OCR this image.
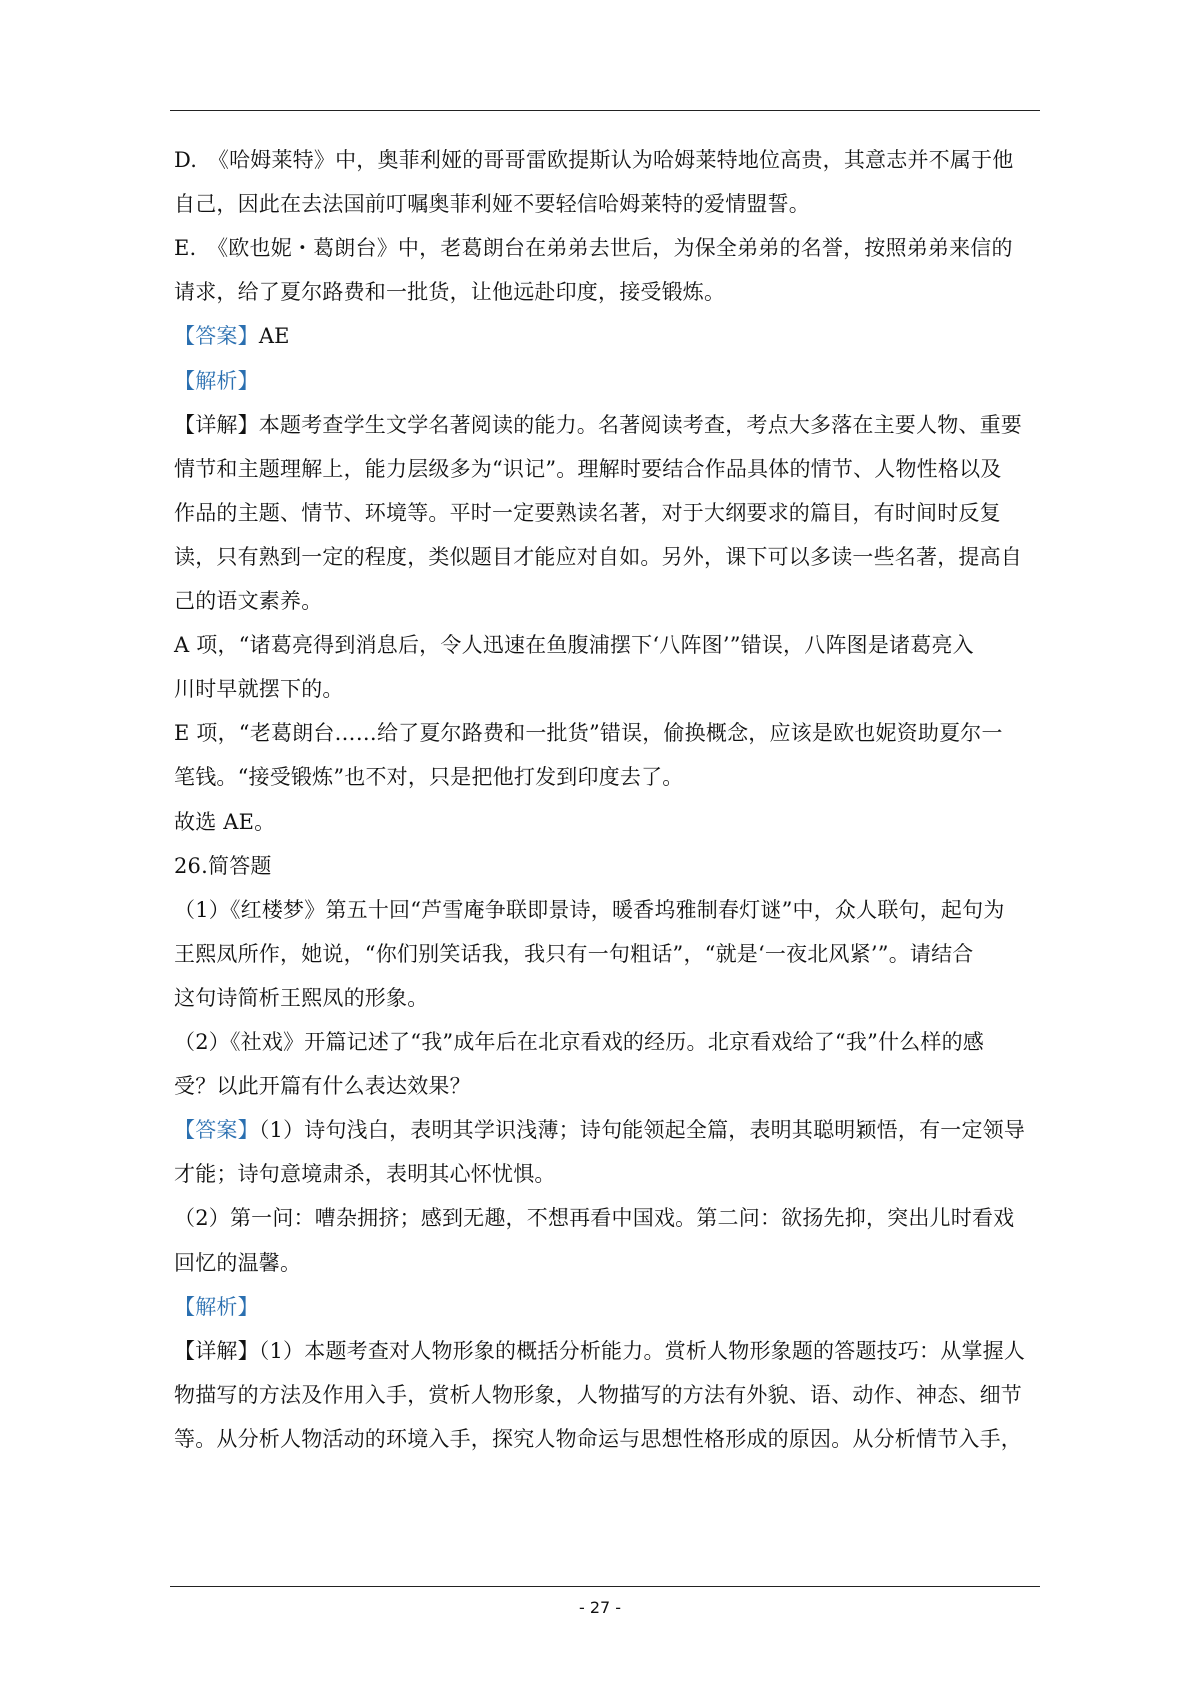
D.　《哈姆莱特》中，奥菲利娅的哥哥雷欧提斯认为哈姆莱特地位高贵，其意志并不属于他
自己，因此在去法国前叮嘱奥菲利娅不要轻信哈姆莱特的爱情盟誓。
E.　《欧也妮・葛朗台》中，老葛朗台在弟弟去世后，为保全弟弟的名誉，按照弟弟来信的
请求，给了夏尔路费和一批货，让他远赴印度，接受锻炼。
【答案】AE
【解析】
【详解】本题考查学生文学名著阅读的能力。名著阅读考查，考点大多落在主要人物、重要
情节和主题理解上，能力层级多为“识记”。理解时要结合作品具体的情节、人物性格以及
作品的主题、情节、环境等。平时一定要熟读名著，对于大纲要求的篇目，有时间时反复
读，只有熟到一定的程度，类似题目才能应对自如。另外，课下可以多读一些名著，提高自
己的语文素养。
A 项，“诸葛亮得到消息后，令人迅速在鱼腹浦摆下‘八阵图’”错误，八阵图是诸葛亮入
川时早就摆下的。
E 项，“老葛朗台……给了夏尔路费和一批货”错误，偷换概念，应该是欧也妮资助夏尔一
笔钱。“接受锻炼”也不对，只是把他打发到印度去了。
故选 AE。
26.简答题
（1）《红楼梦》第五十回“芦雪庵争联即景诗，暖香坞雅制春灯谜”中，众人联句，起句为
王熙凤所作，她说，“你们别笑话我，我只有一句粗话”，“就是‘一夜北风紧’”。请结合
这句诗简析王熙凤的形象。
（2）《社戏》开篇记述了“我”成年后在北京看戏的经历。北京看戏给了“我”什么样的感
受？以此开篇有什么表达效果？
【答案】（1）诗句浅白，表明其学识浅薄；诗句能领起全篇，表明其聪明颖悟，有一定领导
才能；诗句意境肃杀，表明其心怀忧惧。
（2）第一问：嘈杂拥挤；感到无趣，不想再看中国戏。第二问：欲扬先抑，突出儿时看戏
回忆的温馨。
【解析】
【详解】（1）本题考查对人物形象的概括分析能力。赏析人物形象题的答题技巧：从掌握人
物描写的方法及作用入手，赏析人物形象，人物描写的方法有外貌、语、动作、神态、细节
等。从分析人物活动的环境入手，探究人物命运与思想性格形成的原因。从分析情节入手，
- 27 -
